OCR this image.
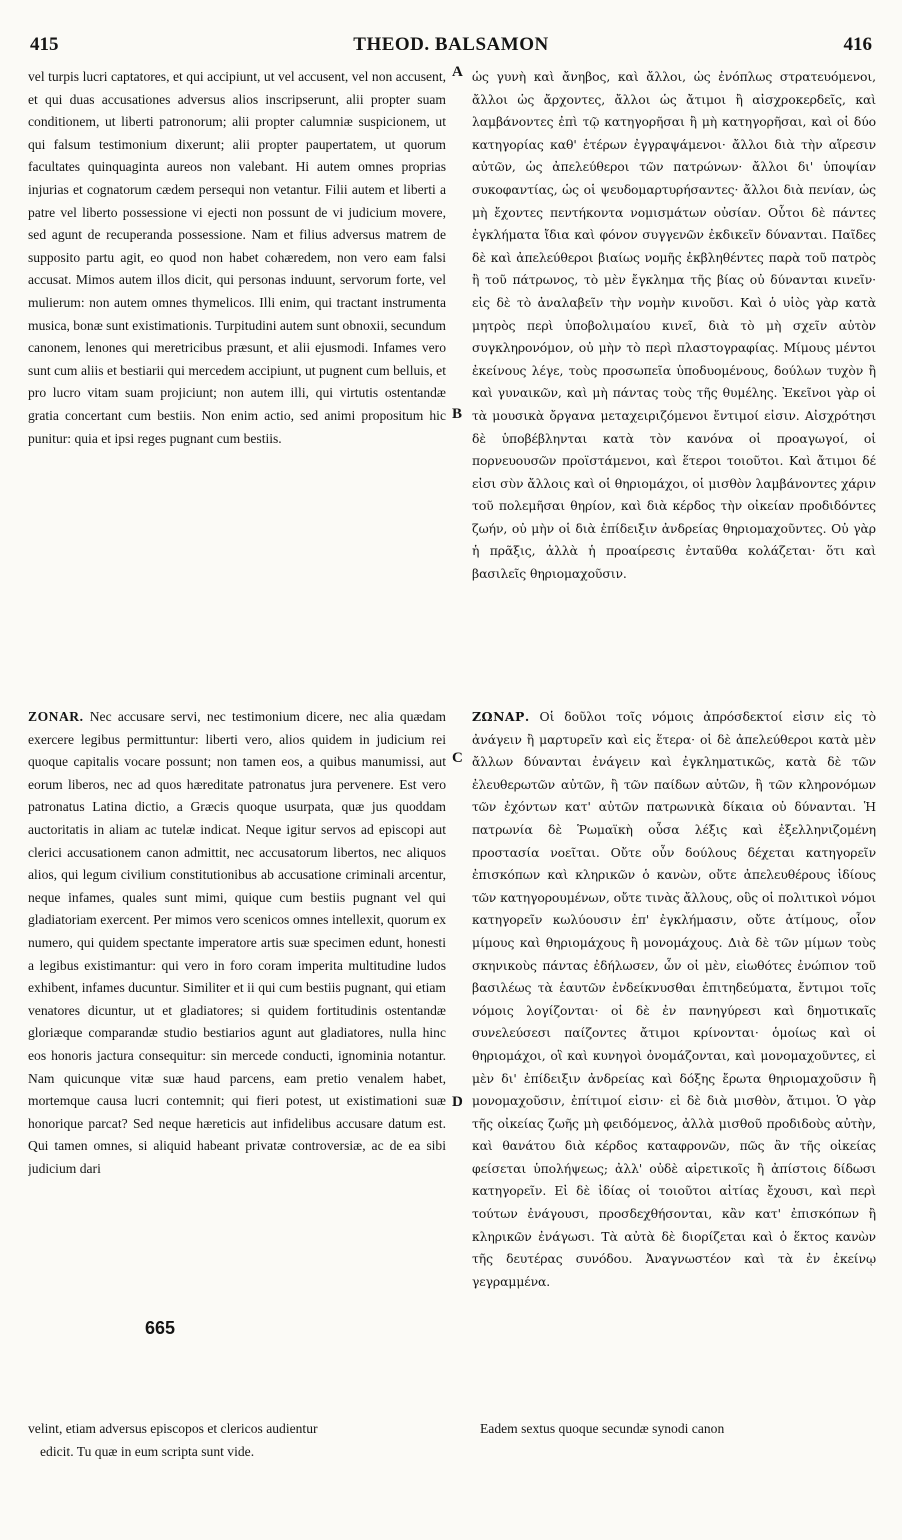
415	THEOD. BALSAMON	416

vel turpis lucri captatores, et qui accipiunt, ut vel accusent, vel non accusent, et qui duas accusationes adversus alios inscripserunt, alii propter suam conditionem, ut liberti patronorum; alii propter calumniæ suspicionem, ut qui falsum testimonium dixerunt; alii propter paupertatem, ut quorum facultates quinquaginta aureos non valebant. Hi autem omnes proprias injurias et cognatorum cædem persequi non vetantur. Filii autem et liberti a patre vel liberto possessione vi ejecti non possunt de vi judicium movere, sed agunt de recuperanda possessione. Nam et filius adversus matrem de supposito partu agit, eo quod non habet cohæredem, non vero eam falsi accusat. Mimos autem illos dicit, qui personas induunt, servorum forte, vel mulierum: non autem omnes thymelicos. Illi enim, qui tractant instrumenta musica, bonæ sunt existimationis. Turpitudini autem sunt obnoxii, secundum canonem, lenones qui meretricibus præsunt, et alii ejusmodi. Infames vero sunt cum aliis et bestiarii qui mercedem accipiunt, ut pugnent cum belluis, et pro lucro vitam suam projiciunt; non autem illi, qui virtutis ostentandæ gratia concertant cum bestiis. Non enim actio, sed animi propositum hic punitur: quia et ipsi reges pugnant cum bestiis.

ὡς γυνὴ καὶ ἄνηβος, καὶ ἄλλοι, ὡς ἐνόπλως στρατευόμενοι, ἄλλοι ὡς ἄρχοντες, ἄλλοι ὡς ἄτιμοι ἢ αἰσχροκερδεῖς, καὶ λαμβάνοντες ἐπὶ τῷ κατηγορῆσαι ἢ μὴ κατηγορῆσαι, καὶ οἱ δύο κατηγορίας καθ' ἑτέρων ἐγγραψάμενοι· ἄλλοι διὰ τὴν αἵρεσιν αὐτῶν, ὡς ἀπελεύθεροι τῶν πατρώνων· ἄλλοι δι' ὑποψίαν συκοφαντίας, ὡς οἱ ψευδομαρτυρήσαντες· ἄλλοι διὰ πενίαν, ὡς μὴ ἔχοντες πεντήκοντα νομισμάτων οὐσίαν. Οὗτοι δὲ πάντες ἐγκλήματα ἴδια καὶ φόνον συγγενῶν ἐκδικεῖν δύνανται. Παῖδες δὲ καὶ ἀπελεύθεροι βιαίως νομῆς ἐκβληθέντες παρὰ τοῦ πατρὸς ἢ τοῦ πάτρωνος, τὸ μὲν ἔγκλημα τῆς βίας οὐ δύνανται κινεῖν· εἰς δὲ τὸ ἀναλαβεῖν τὴν νομὴν κινοῦσι. Καὶ ὁ υἱὸς γὰρ κατὰ μητρὸς περὶ ὑποβολιμαίου κινεῖ, διὰ τὸ μὴ σχεῖν αὐτὸν συγκληρονόμον, οὐ μὴν τὸ περὶ πλαστογραφίας. Μίμους μέντοι ἐκείνους λέγε, τοὺς προσωπεῖα ὑποδυομένους, δούλων τυχὸν ἢ καὶ γυναικῶν, καὶ μὴ πάντας τοὺς τῆς θυμέλης. Ἐκεῖνοι γὰρ οἱ τὰ μουσικὰ ὄργανα μεταχειριζόμενοι ἔντιμοί εἰσιν. Αἰσχρότησι δὲ ὑποβέβληνται κατὰ τὸν κανόνα οἱ προαγωγοί, οἱ πορνευουσῶν προϊστάμενοι, καὶ ἕτεροι τοιοῦτοι. Καὶ ἄτιμοι δέ εἰσι σὺν ἄλλοις καὶ οἱ θηριομάχοι, οἱ μισθὸν λαμβάνοντες χάριν τοῦ πολεμῆσαι θηρίον, καὶ διὰ κέρδος τὴν οἰκείαν προδιδόντες ζωήν, οὐ μὴν οἱ διὰ ἐπίδειξιν ἀνδρείας θηριομαχοῦντες. Οὐ γὰρ ἡ πρᾶξις, ἀλλὰ ἡ προαίρεσις ἐνταῦθα κολάζεται· ὅτι καὶ βασιλεῖς θηριομαχοῦσιν.

A
B
C
D

ZONAR. Nec accusare servi, nec testimonium dicere, nec alia quædam exercere legibus permittuntur: liberti vero, alios quidem in judicium rei quoque capitalis vocare possunt; non tamen eos, a quibus manumissi, aut eorum liberos, nec ad quos hæreditate patronatus jura pervenere. Est vero patronatus Latina dictio, a Græcis quoque usurpata, quæ jus quoddam auctoritatis in aliam ac tutelæ indicat. Neque igitur servos ad episcopi aut clerici accusationem canon admittit, nec accusatorum libertos, nec aliquos alios, qui legum civilium constitutionibus ab accusatione criminali arcentur, neque infames, quales sunt mimi, quique cum bestiis pugnant vel qui gladiatoriam exercent. Per mimos vero scenicos omnes intellexit, quorum ex numero, qui quidem spectante imperatore artis suæ specimen edunt, honesti a legibus existimantur: qui vero in foro coram imperita multitudine ludos exhibent, infames ducuntur. Similiter et ii qui cum bestiis pugnant, qui etiam venatores dicuntur, ut et gladiatores; si quidem fortitudinis ostentandæ gloriæque comparandæ studio bestiarios agunt aut gladiatores, nulla hinc eos honoris jactura consequitur: sin mercede conducti, ignominia notantur. Nam quicunque vitæ suæ haud parcens, eam pretio venalem habet, mortemque causa lucri contemnit; qui fieri potest, ut existimationi suæ honorique parcat? Sed neque hæreticis aut infidelibus accusare datum est. Qui tamen omnes, si aliquid habeant privatæ controversiæ, ac de ea sibi judicium dari

ΖΩΝΑΡ. Οἱ δοῦλοι τοῖς νόμοις ἀπρόσδεκτοί εἰσιν εἰς τὸ ἀνάγειν ἢ μαρτυρεῖν καὶ εἰς ἕτερα· οἱ δὲ ἀπελεύθεροι κατὰ μὲν ἄλλων δύνανται ἐνάγειν καὶ ἐγκληματικῶς, κατὰ δὲ τῶν ἐλευθερωτῶν αὐτῶν, ἢ τῶν παίδων αὐτῶν, ἢ τῶν κληρονόμων τῶν ἐχόντων κατ' αὐτῶν πατρωνικὰ δίκαια οὐ δύνανται. Ἡ πατρωνία δὲ Ῥωμαϊκὴ οὖσα λέξις καὶ ἐξελληνιζομένη προστασία νοεῖται. Οὔτε οὖν δούλους δέχεται κατηγορεῖν ἐπισκόπων καὶ κληρικῶν ὁ κανὼν, οὔτε ἀπελευθέρους ἰδίους τῶν κατηγορουμένων, οὔτε τινὰς ἄλλους, οὓς οἱ πολιτικοὶ νόμοι κατηγορεῖν κωλύουσιν ἐπ' ἐγκλήμασιν, οὔτε ἀτίμους, οἷον μίμους καὶ θηριομάχους ἢ μονομάχους. Διὰ δὲ τῶν μίμων τοὺς σκηνικοὺς πάντας ἐδήλωσεν, ὧν οἱ μὲν, εἰωθότες ἐνώπιον τοῦ βασιλέως τὰ ἑαυτῶν ἐνδείκνυσθαι ἐπιτηδεύματα, ἔντιμοι τοῖς νόμοις λογίζονται· οἱ δὲ ἐν πανηγύρεσι καὶ δημοτικαῖς συνελεύσεσι παίζοντες ἄτιμοι κρίνονται· ὁμοίως καὶ οἱ θηριομάχοι, οἳ καὶ κυνηγοὶ ὀνομάζονται, καὶ μονομαχοῦντες, εἰ μὲν δι' ἐπίδειξιν ἀνδρείας καὶ δόξης ἔρωτα θηριομαχοῦσιν ἢ μονομαχοῦσιν, ἐπίτιμοί εἰσιν· εἰ δὲ διὰ μισθὸν, ἄτιμοι. Ὁ γὰρ τῆς οἰκείας ζωῆς μὴ φειδόμενος, ἀλλὰ μισθοῦ προδιδοὺς αὐτὴν, καὶ θανάτου διὰ κέρδος καταφρονῶν, πῶς ἂν τῆς οἰκείας φείσεται ὑπολήψεως; ἀλλ' οὐδὲ αἱρετικοῖς ἢ ἀπίστοις δίδωσι κατηγορεῖν. Εἰ δὲ ἰδίας οἱ τοιοῦτοι αἰτίας ἔχουσι, καὶ περὶ τούτων ἐνάγουσι, προσδεχθήσονται, κἂν κατ' ἐπισκόπων ἢ κληρικῶν ἐνάγωσι. Τὰ αὐτὰ δὲ διορίζεται καὶ ὁ ἕκτος κανὼν τῆς δευτέρας συνόδου. Ἀναγνωστέον καὶ τὰ ἐν ἐκείνῳ γεγραμμένα.

665
velint, etiam adversus episcopos et clericos audientur	Eadem sextus quoque secundæ synodi canon
edicit. Tu quæ in eum scripta sunt vide.
